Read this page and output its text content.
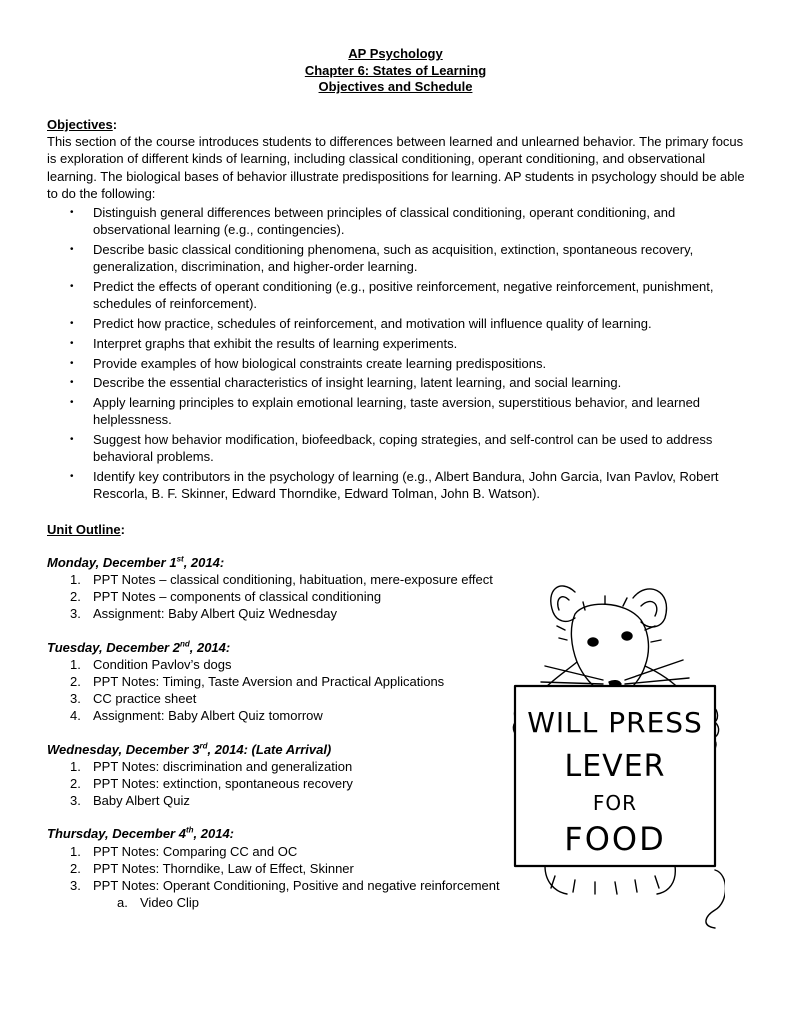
AP Psychology
Chapter 6: States of Learning
Objectives and Schedule
Objectives:

This section of the course introduces students to differences between learned and unlearned behavior. The primary focus is exploration of different kinds of learning, including classical conditioning, operant conditioning, and observational learning. The biological bases of behavior illustrate predispositions for learning. AP students in psychology should be able to do the following:

• Distinguish general differences between principles of classical conditioning, operant conditioning, and observational learning (e.g., contingencies).
• Describe basic classical conditioning phenomena, such as acquisition, extinction, spontaneous recovery, generalization, discrimination, and higher-order learning.
• Predict the effects of operant conditioning (e.g., positive reinforcement, negative reinforcement, punishment, schedules of reinforcement).
• Predict how practice, schedules of reinforcement, and motivation will influence quality of learning.
• Interpret graphs that exhibit the results of learning experiments.
• Provide examples of how biological constraints create learning predispositions.
• Describe the essential characteristics of insight learning, latent learning, and social learning.
• Apply learning principles to explain emotional learning, taste aversion, superstitious behavior, and learned helplessness.
• Suggest how behavior modification, biofeedback, coping strategies, and self-control can be used to address behavioral problems.
• Identify key contributors in the psychology of learning (e.g., Albert Bandura, John Garcia, Ivan Pavlov, Robert Rescorla, B. F. Skinner, Edward Thorndike, Edward Tolman, John B. Watson).
Unit Outline:
Monday, December 1st, 2014:
1. PPT Notes – classical conditioning, habituation, mere-exposure effect
2. PPT Notes – components of classical conditioning
3. Assignment: Baby Albert Quiz Wednesday
Tuesday, December 2nd, 2014:
1. Condition Pavlov’s dogs
2. PPT Notes: Timing, Taste Aversion and Practical Applications
3. CC practice sheet
4. Assignment: Baby Albert Quiz tomorrow
Wednesday, December 3rd, 2014: (Late Arrival)
1. PPT Notes: discrimination and generalization
2. PPT Notes: extinction, spontaneous recovery
3. Baby Albert Quiz
Thursday, December 4th, 2014:
1. PPT Notes: Comparing CC and OC
2. PPT Notes: Thorndike, Law of Effect, Skinner
3. PPT Notes: Operant Conditioning, Positive and negative reinforcement
a. Video Clip
WILL PRESS
LEVER
FOR
FOOD
